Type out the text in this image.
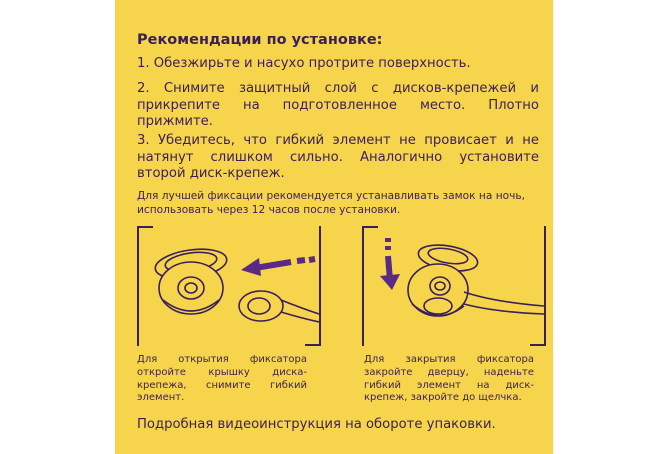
Рекомендации по установке:
1. Обезжирьте и насухо протрите поверхность.
2. Снимите защитный слой с дисков-крепежей и прикрепите на подготовленное место. Плотно прижмите.
3. Убедитесь, что гибкий элемент не провисает и не натянут слишком сильно. Аналогично установите второй диск-крепеж.
Для лучшей фиксации рекомендуется устанавливать замок на ночь, использовать через 12 часов после установки.
Для открытия фиксатора откройте крышку диска-крепежа, снимите гибкий элемент.
Для закрытия фиксатора закройте дверцу, наденьте гибкий элемент на диск-крепеж, закройте до щелчка.
Подробная видеоинструкция на обороте упаковки.
